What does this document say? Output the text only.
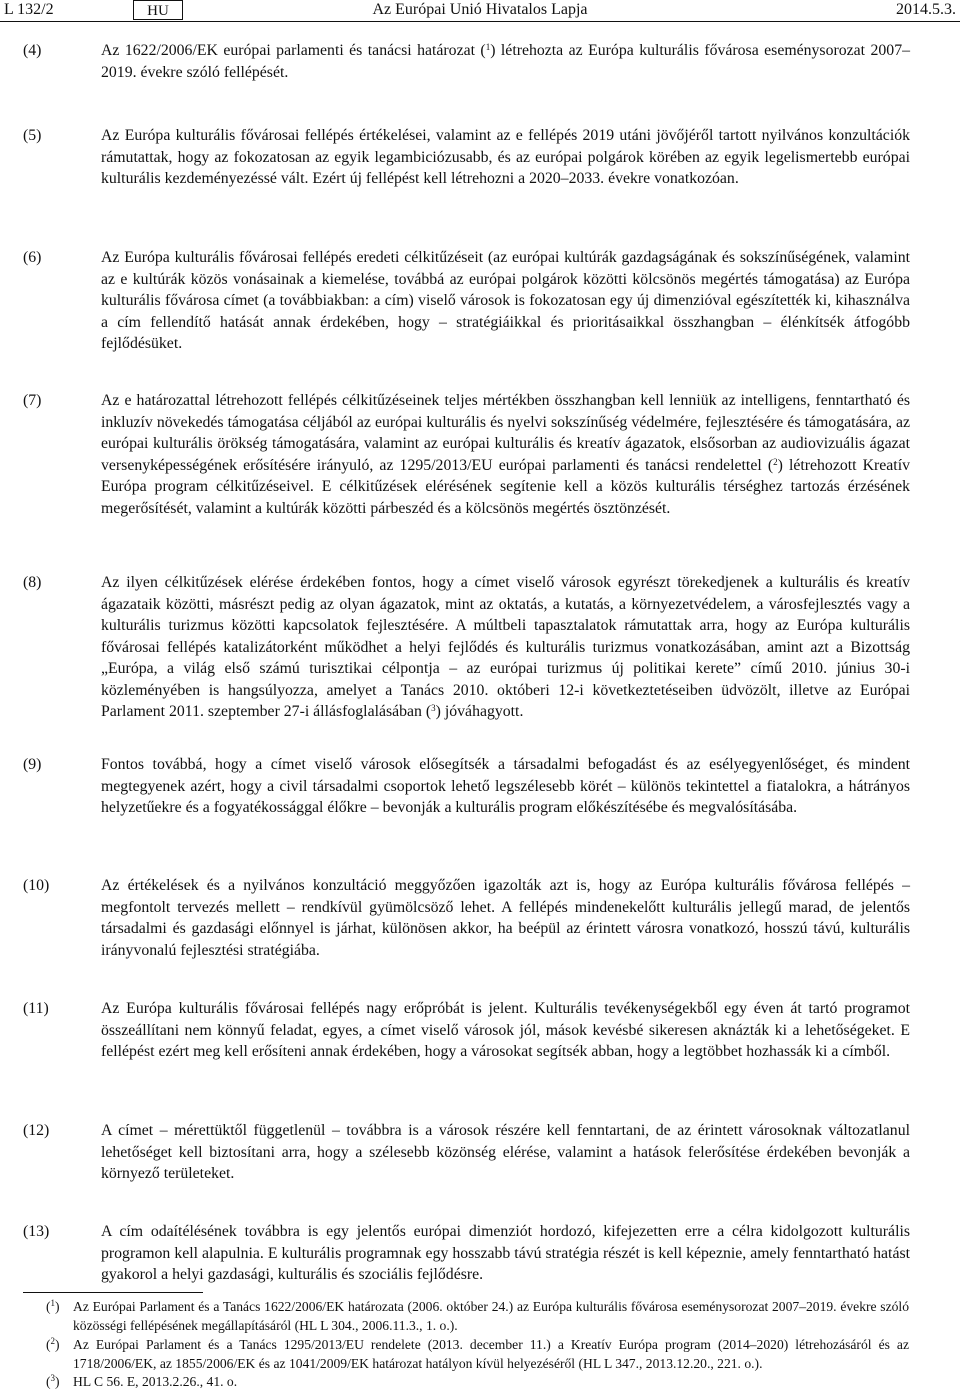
L 132/2	HU	Az Európai Unió Hivatalos Lapja	2014.5.3.
(4)	Az 1622/2006/EK európai parlamenti és tanácsi határozat ($^1$) létrehozta az Európa kulturális fővárosa eseménysorozat 2007–2019. évekre szóló fellépését.
(5)	Az Európa kulturális fővárosai fellépés értékelései, valamint az e fellépés 2019 utáni jövőjéről tartott nyilvános konzultációk rámutattak, hogy az fokozatosan az egyik legambiciózusabb, és az európai polgárok körében az egyik legelismertebb európai kulturális kezdeményezéssé vált. Ezért új fellépést kell létrehozni a 2020–2033. évekre vonatkozóan.
(6)	Az Európa kulturális fővárosai fellépés eredeti célkitűzéseit (az európai kultúrák gazdagságának és sokszínűségének, valamint az e kultúrák közös vonásainak a kiemelése, továbbá az európai polgárok közötti kölcsönös megértés támogatása) az Európa kulturális fővárosa címet (a továbbiakban: a cím) viselő városok is fokozatosan egy új dimenzióval egészítették ki, kihasználva a cím fellendítő hatását annak érdekében, hogy – stratégiáikkal és prioritásaikkal összhangban – élénkítsék átfogóbb fejlődésüket.
(7)	Az e határozattal létrehozott fellépés célkitűzéseinek teljes mértékben összhangban kell lenniük az intelligens, fenntartható és inkluzív növekedés támogatása céljából az európai kulturális és nyelvi sokszínűség védelmére, fejlesztésére és támogatására, az európai kulturális örökség támogatására, valamint az európai kulturális és kreatív ágazatok, elsősorban az audiovizuális ágazat versenyképességének erősítésére irányuló, az 1295/2013/EU európai parlamenti és tanácsi rendelettel ($^2$) létrehozott Kreatív Európa program célkitűzéseivel. E célkitűzések elérésének segítenie kell a közös kulturális térséghez tartozás érzésének megerősítését, valamint a kultúrák közötti párbeszéd és a kölcsönös megértés ösztönzését.
(8)	Az ilyen célkitűzések elérése érdekében fontos, hogy a címet viselő városok egyrészt törekedjenek a kulturális és kreatív ágazataik közötti, másrészt pedig az olyan ágazatok, mint az oktatás, a kutatás, a környezetvédelem, a városfejlesztés vagy a kulturális turizmus közötti kapcsolatok fejlesztésére. A múltbeli tapasztalatok rámutattak arra, hogy az Európa kulturális fővárosai fellépés katalizátorként működhet a helyi fejlődés és kulturális turizmus vonatkozásában, amint azt a Bizottság „Európa, a világ első számú turisztikai célpontja – az európai turizmus új politikai kerete” című 2010. június 30-i közleményében is hangsúlyozza, amelyet a Tanács 2010. októberi 12-i következtetéseiben üdvözölt, illetve az Európai Parlament 2011. szeptember 27-i állásfoglalásában ($^3$) jóváhagyott.
(9)	Fontos továbbá, hogy a címet viselő városok elősegítsék a társadalmi befogadást és az esélyegyenlőséget, és mindent megtegyenek azért, hogy a civil társadalmi csoportok lehető legszélesebb körét – különös tekintettel a fiatalokra, a hátrányos helyzetűekre és a fogyatékossággal élőkre – bevonják a kulturális program előkészítésébe és megvalósításába.
(10)	Az értékelések és a nyilvános konzultáció meggyőzően igazolták azt is, hogy az Európa kulturális fővárosa fellépés – megfontolt tervezés mellett – rendkívül gyümölcsöző lehet. A fellépés mindenekelőtt kulturális jellegű marad, de jelentős társadalmi és gazdasági előnnyel is járhat, különösen akkor, ha beépül az érintett városra vonatkozó, hosszú távú, kulturális irányvonalú fejlesztési stratégiába.
(11)	Az Európa kulturális fővárosai fellépés nagy erőpróbát is jelent. Kulturális tevékenységekből egy éven át tartó programot összeállítani nem könnyű feladat, egyes, a címet viselő városok jól, mások kevésbé sikeresen aknázták ki a lehetőségeket. E fellépést ezért meg kell erősíteni annak érdekében, hogy a városokat segítsék abban, hogy a legtöbbet hozhassák ki a címből.
(12)	A címet – mérettüktől függetlenül – továbbra is a városok részére kell fenntartani, de az érintett városoknak változatlanul lehetőséget kell biztosítani arra, hogy a szélesebb közönség elérése, valamint a hatások felerősítése érdekében bevonják a környező területeket.
(13)	A cím odaítélésének továbbra is egy jelentős európai dimenziót hordozó, kifejezetten erre a célra kidolgozott kulturális programon kell alapulnia. E kulturális programnak egy hosszabb távú stratégia részét is kell képeznie, amely fenntartható hatást gyakorol a helyi gazdasági, kulturális és szociális fejlődésre.
($^1$) Az Európai Parlament és a Tanács 1622/2006/EK határozata (2006. október 24.) az Európa kulturális fővárosa eseménysorozat 2007–2019. évekre szóló közösségi fellépésének megállapításáról (HL L 304., 2006.11.3., 1. o.).
($^2$) Az Európai Parlament és a Tanács 1295/2013/EU rendelete (2013. december 11.) a Kreatív Európa program (2014–2020) létrehozásáról és az 1718/2006/EK, az 1855/2006/EK és az 1041/2009/EK határozat hatályon kívül helyezéséről (HL L 347., 2013.12.20., 221. o.).
($^3$) HL C 56. E, 2013.2.26., 41. o.
